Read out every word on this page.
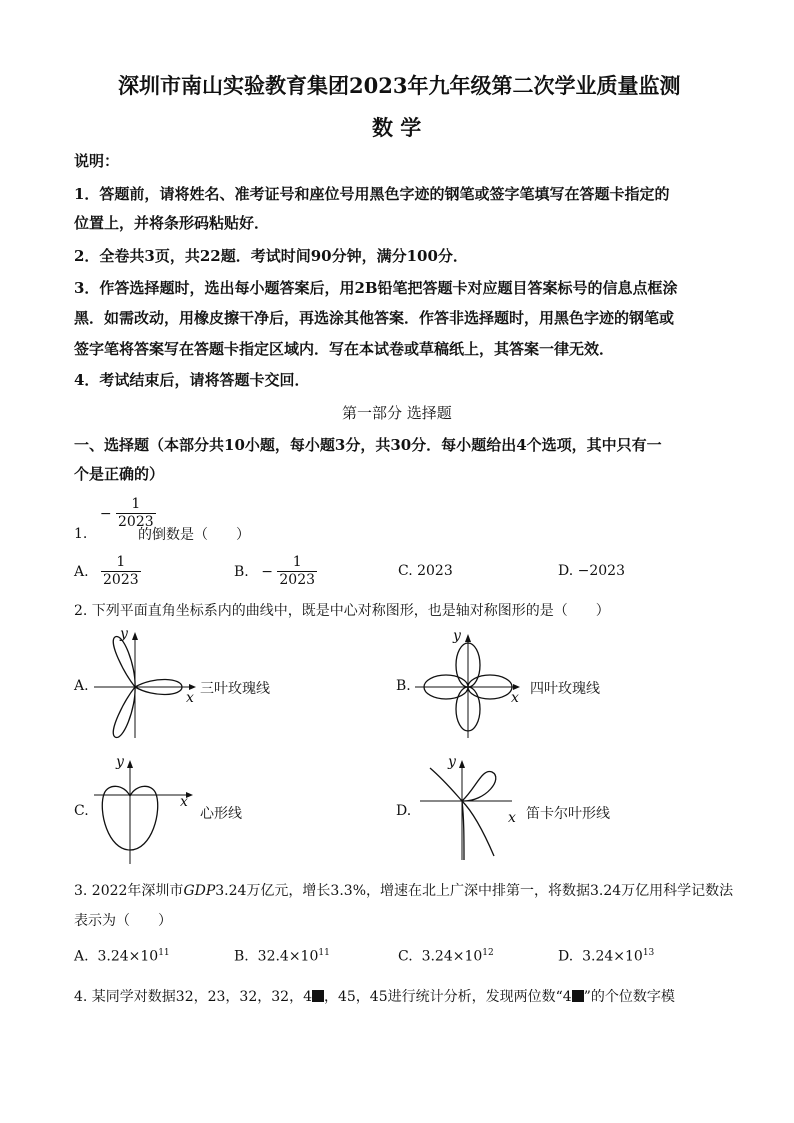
深圳市南山实验教育集团2023年九年级第二次学业质量监测
数 学
说明：
1．答题前，请将姓名、准考证号和座位号用黑色字迹的钢笔或签字笔填写在答题卡指定的
位置上，并将条形码粘贴好．
2．全卷共3页，共22题．考试时间90分钟，满分100分．
3．作答选择题时，选出每小题答案后，用2B铅笔把答题卡对应题目答案标号的信息点框涂
黑．如需改动，用橡皮擦干净后，再选涂其他答案．作答非选择题时，用黑色字迹的钢笔或
签字笔将答案写在答题卡指定区域内．写在本试卷或草稿纸上，其答案一律无效．
4．考试结束后，请将答题卡交回．
第一部分 选择题
一、选择题（本部分共10小题，每小题3分，共30分．每小题给出4个选项，其中只有一
个是正确的）
1. − $\frac{1}{2023}$
的倒数是（　　）
A. $\frac{1}{2023}$	B. − $\frac{1}{2023}$	C. 2023	D. −2023
2. 下列平面直角坐标系内的曲线中，既是中心对称图形，也是轴对称图形的是（　　）
A.
y
x
三叶玫瑰线	B.
y
x
四叶玫瑰线
C.
y
x
心形线	D.
y
x 笛卡尔叶形线
3. 2022年深圳市GDP3.24万亿元，增长3.3%，增速在北上广深中排第一，将数据3.24万亿用科学记数法
表示为（　　）
A. $3.24\times 10^{11}$	B. $32.4\times 10^{11}$	C. $3.24\times 10^{12}$	D. $3.24\times 10^{13}$
4. 某同学对数据32，23，32，32，4 ，45，45进行统计分析，发现两位数“4 ”的个位数字模
